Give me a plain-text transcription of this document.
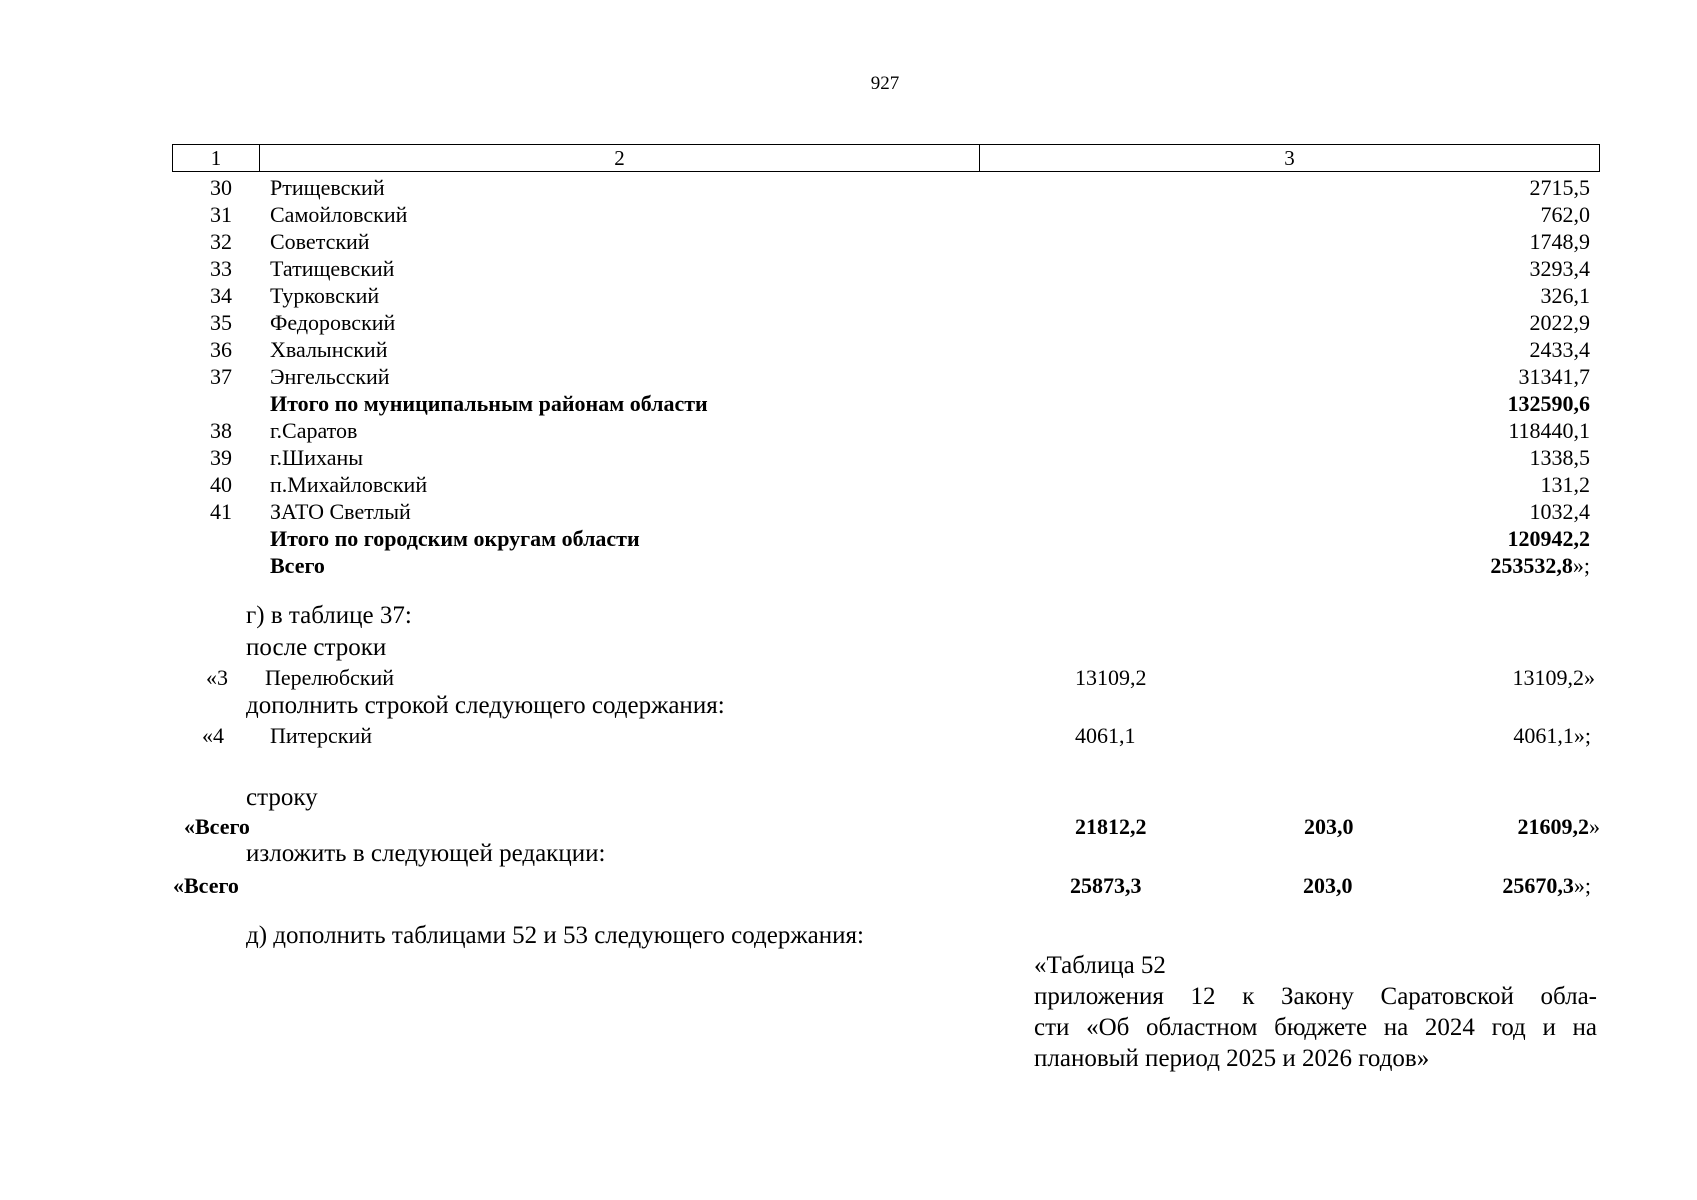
927
1	2	3
30 Ртищевский	2715,5
31 Самойловский	762,0
32 Советский	1748,9
33 Татищевский	3293,4
34 Турковский	326,1
35 Федоровский	2022,9
36 Хвалынский	2433,4
37 Энгельсский	31341,7
Итого по муниципальным районам области	132590,6
38 г.Саратов	118440,1
39 г.Шиханы	1338,5
40 п.Михайловский	131,2
41 ЗАТО Светлый	1032,4
Итого по городским округам области	120942,2
Всего	253532,8»;
г) в таблице 37:
после строки
«3 Перелюбский	13109,2	13109,2»
дополнить строкой следующего содержания:
«4 Питерский	4061,1	4061,1»;
строку
«Всего	21812,2	203,0	21609,2»
изложить в следующей редакции:
«Всего	25873,3	203,0	25670,3»;
д) дополнить таблицами 52 и 53 следующего содержания:
«Таблица 52
приложения 12 к Закону Саратовской обла-
сти «Об областном бюджете на 2024 год и на
плановый период 2025 и 2026 годов»
